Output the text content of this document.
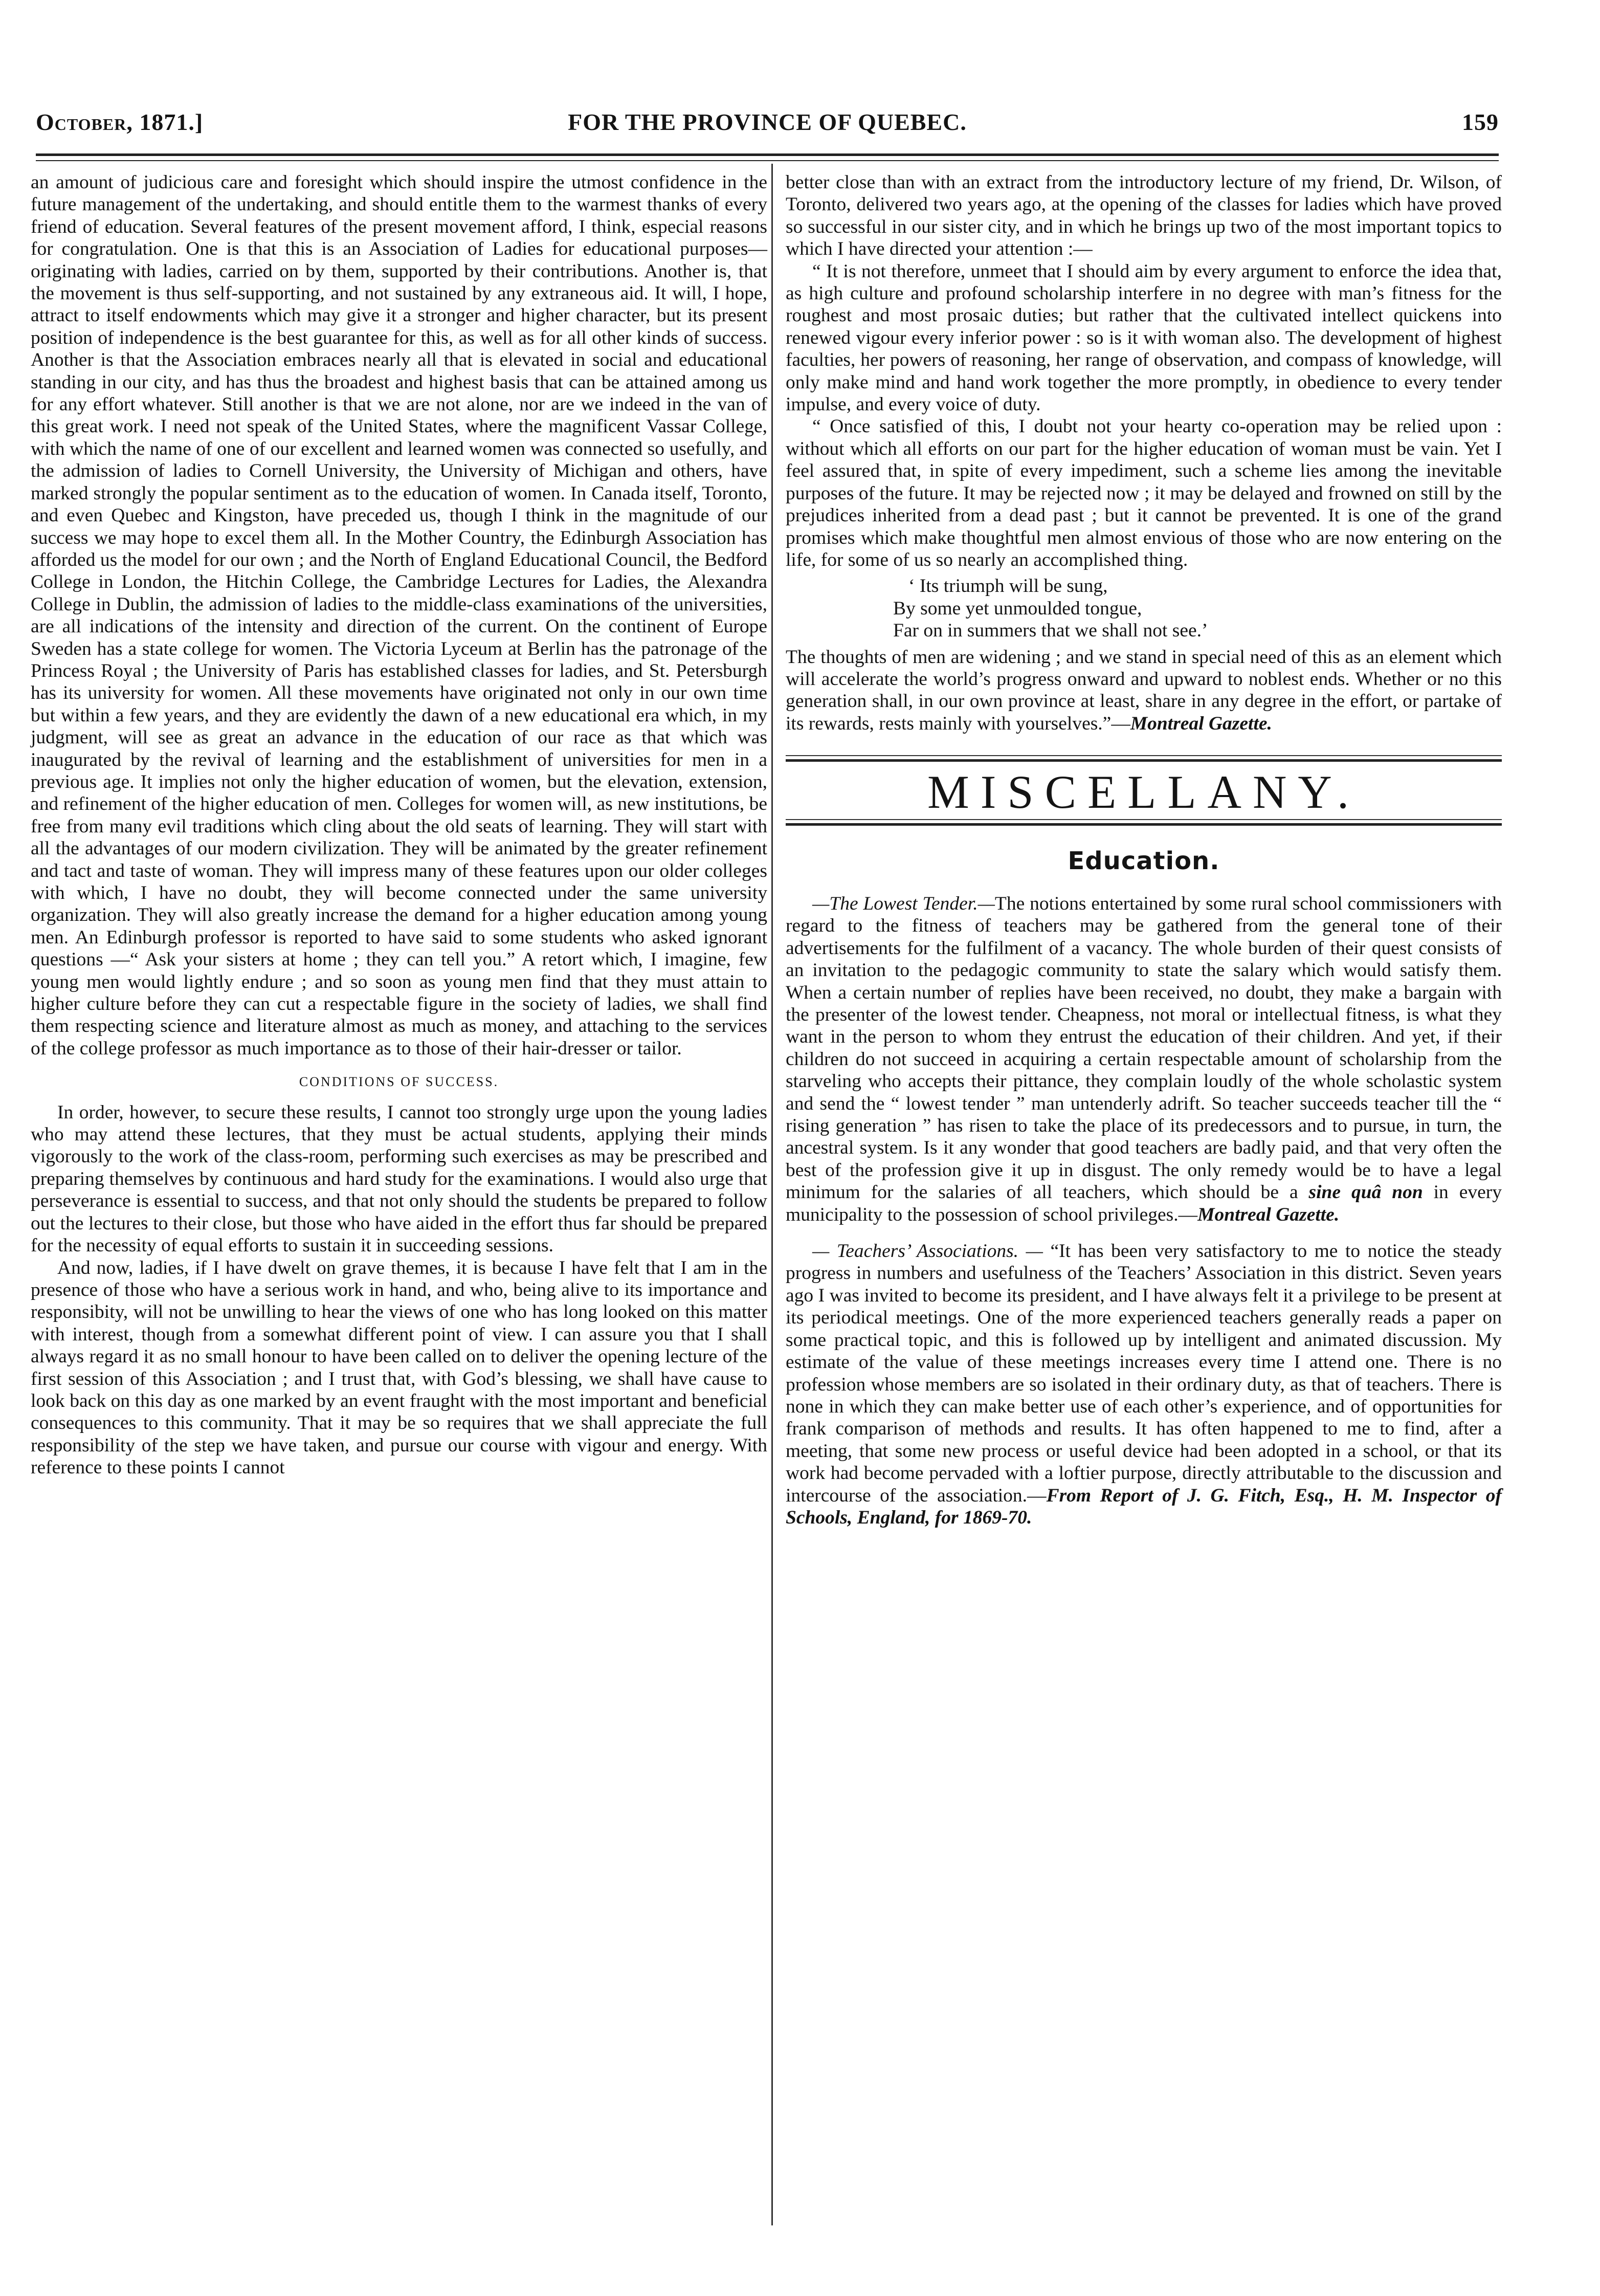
October, 1871.]	FOR THE PROVINCE OF QUEBEC.	159

an amount of judicious care and foresight which should inspire the utmost confidence in the future management of the undertaking, and should entitle them to the warmest thanks of every friend of education. Several features of the present movement afford, I think, especial reasons for congratulation. One is that this is an Association of Ladies for educational purposes—originating with ladies, carried on by them, supported by their contributions. Another is, that the movement is thus self-supporting, and not sustained by any extraneous aid. It will, I hope, attract to itself endowments which may give it a stronger and higher character, but its present position of independence is the best guarantee for this, as well as for all other kinds of success. Another is that the Association embraces nearly all that is elevated in social and educational standing in our city, and has thus the broadest and highest basis that can be attained among us for any effort whatever. Still another is that we are not alone, nor are we indeed in the van of this great work. I need not speak of the United States, where the magnificent Vassar College, with which the name of one of our excellent and learned women was connected so usefully, and the admission of ladies to Cornell University, the University of Michigan and others, have marked strongly the popular sentiment as to the education of women. In Canada itself, Toronto, and even Quebec and Kingston, have preceded us, though I think in the magnitude of our success we may hope to excel them all. In the Mother Country, the Edinburgh Association has afforded us the model for our own ; and the North of England Educational Council, the Bedford College in London, the Hitchin College, the Cambridge Lectures for Ladies, the Alexandra College in Dublin, the admission of ladies to the middle-class examinations of the universities, are all indications of the intensity and direction of the current. On the continent of Europe Sweden has a state college for women. The Victoria Lyceum at Berlin has the patronage of the Princess Royal ; the University of Paris has established classes for ladies, and St. Petersburgh has its university for women. All these movements have originated not only in our own time but within a few years, and they are evidently the dawn of a new educational era which, in my judgment, will see as great an advance in the education of our race as that which was inaugurated by the revival of learning and the establishment of universities for men in a previous age. It implies not only the higher education of women, but the elevation, extension, and refinement of the higher education of men. Colleges for women will, as new institutions, be free from many evil traditions which cling about the old seats of learning. They will start with all the advantages of our modern civilization. They will be animated by the greater refinement and tact and taste of woman. They will impress many of these features upon our older colleges with which, I have no doubt, they will become connected under the same university organization. They will also greatly increase the demand for a higher education among young men. An Edinburgh professor is reported to have said to some students who asked ignorant questions —“ Ask your sisters at home ; they can tell you.” A retort which, I imagine, few young men would lightly endure ; and so soon as young men find that they must attain to higher culture before they can cut a respectable figure in the society of ladies, we shall find them respecting science and literature almost as much as money, and attaching to the services of the college professor as much importance as to those of their hair-dresser or tailor.

CONDITIONS OF SUCCESS.

In order, however, to secure these results, I cannot too strongly urge upon the young ladies who may attend these lectures, that they must be actual students, applying their minds vigorously to the work of the class-room, performing such exercises as may be prescribed and preparing themselves by continuous and hard study for the examinations. I would also urge that perseverance is essential to success, and that not only should the students be prepared to follow out the lectures to their close, but those who have aided in the effort thus far should be prepared for the necessity of equal efforts to sustain it in succeeding sessions.

And now, ladies, if I have dwelt on grave themes, it is because I have felt that I am in the presence of those who have a serious work in hand, and who, being alive to its importance and responsibity, will not be unwilling to hear the views of one who has long looked on this matter with interest, though from a somewhat different point of view. I can assure you that I shall always regard it as no small honour to have been called on to deliver the opening lecture of the first session of this Association ; and I trust that, with God’s blessing, we shall have cause to look back on this day as one marked by an event fraught with the most important and beneficial consequences to this community. That it may be so requires that we shall appreciate the full responsibility of the step we have taken, and pursue our course with vigour and energy. With reference to these points I cannot

better close than with an extract from the introductory lecture of my friend, Dr. Wilson, of Toronto, delivered two years ago, at the opening of the classes for ladies which have proved so successful in our sister city, and in which he brings up two of the most important topics to which I have directed your attention :—

“ It is not therefore, unmeet that I should aim by every argument to enforce the idea that, as high culture and profound scholarship interfere in no degree with man’s fitness for the roughest and most prosaic duties; but rather that the cultivated intellect quickens into renewed vigour every inferior power : so is it with woman also. The development of highest faculties, her powers of reasoning, her range of observation, and compass of knowledge, will only make mind and hand work together the more promptly, in obedience to every tender impulse, and every voice of duty.

“ Once satisfied of this, I doubt not your hearty co-operation may be relied upon : without which all efforts on our part for the higher education of woman must be vain. Yet I feel assured that, in spite of every impediment, such a scheme lies among the inevitable purposes of the future. It may be rejected now ; it may be delayed and frowned on still by the prejudices inherited from a dead past ; but it cannot be prevented. It is one of the grand promises which make thoughtful men almost envious of those who are now entering on the life, for some of us so nearly an accomplished thing.

‘ Its triumph will be sung,
By some yet unmoulded tongue,
Far on in summers that we shall not see.’

The thoughts of men are widening ; and we stand in special need of this as an element which will accelerate the world’s progress onward and upward to noblest ends. Whether or no this generation shall, in our own province at least, share in any degree in the effort, or partake of its rewards, rests mainly with yourselves.”—Montreal Gazette.

MISCELLANY.
Education.

—The Lowest Tender.—The notions entertained by some rural school commissioners with regard to the fitness of teachers may be gathered from the general tone of their advertisements for the fulfilment of a vacancy. The whole burden of their quest consists of an invitation to the pedagogic community to state the salary which would satisfy them. When a certain number of replies have been received, no doubt, they make a bargain with the presenter of the lowest tender. Cheapness, not moral or intellectual fitness, is what they want in the person to whom they entrust the education of their children. And yet, if their children do not succeed in acquiring a certain respectable amount of scholarship from the starveling who accepts their pittance, they complain loudly of the whole scholastic system and send the “ lowest tender ” man untenderly adrift. So teacher succeeds teacher till the “ rising generation ” has risen to take the place of its predecessors and to pursue, in turn, the ancestral system. Is it any wonder that good teachers are badly paid, and that very often the best of the profession give it up in disgust. The only remedy would be to have a legal minimum for the salaries of all teachers, which should be a sine quâ non in every municipality to the possession of school privileges.—Montreal Gazette.

— Teachers’ Associations. — “It has been very satisfactory to me to notice the steady progress in numbers and usefulness of the Teachers’ Association in this district. Seven years ago I was invited to become its president, and I have always felt it a privilege to be present at its periodical meetings. One of the more experienced teachers generally reads a paper on some practical topic, and this is followed up by intelligent and animated discussion. My estimate of the value of these meetings increases every time I attend one. There is no profession whose members are so isolated in their ordinary duty, as that of teachers. There is none in which they can make better use of each other’s experience, and of opportunities for frank comparison of methods and results. It has often happened to me to find, after a meeting, that some new process or useful device had been adopted in a school, or that its work had become pervaded with a loftier purpose, directly attributable to the discussion and intercourse of the association.—From Report of J. G. Fitch, Esq., H. M. Inspector of Schools, England, for 1869-70.
